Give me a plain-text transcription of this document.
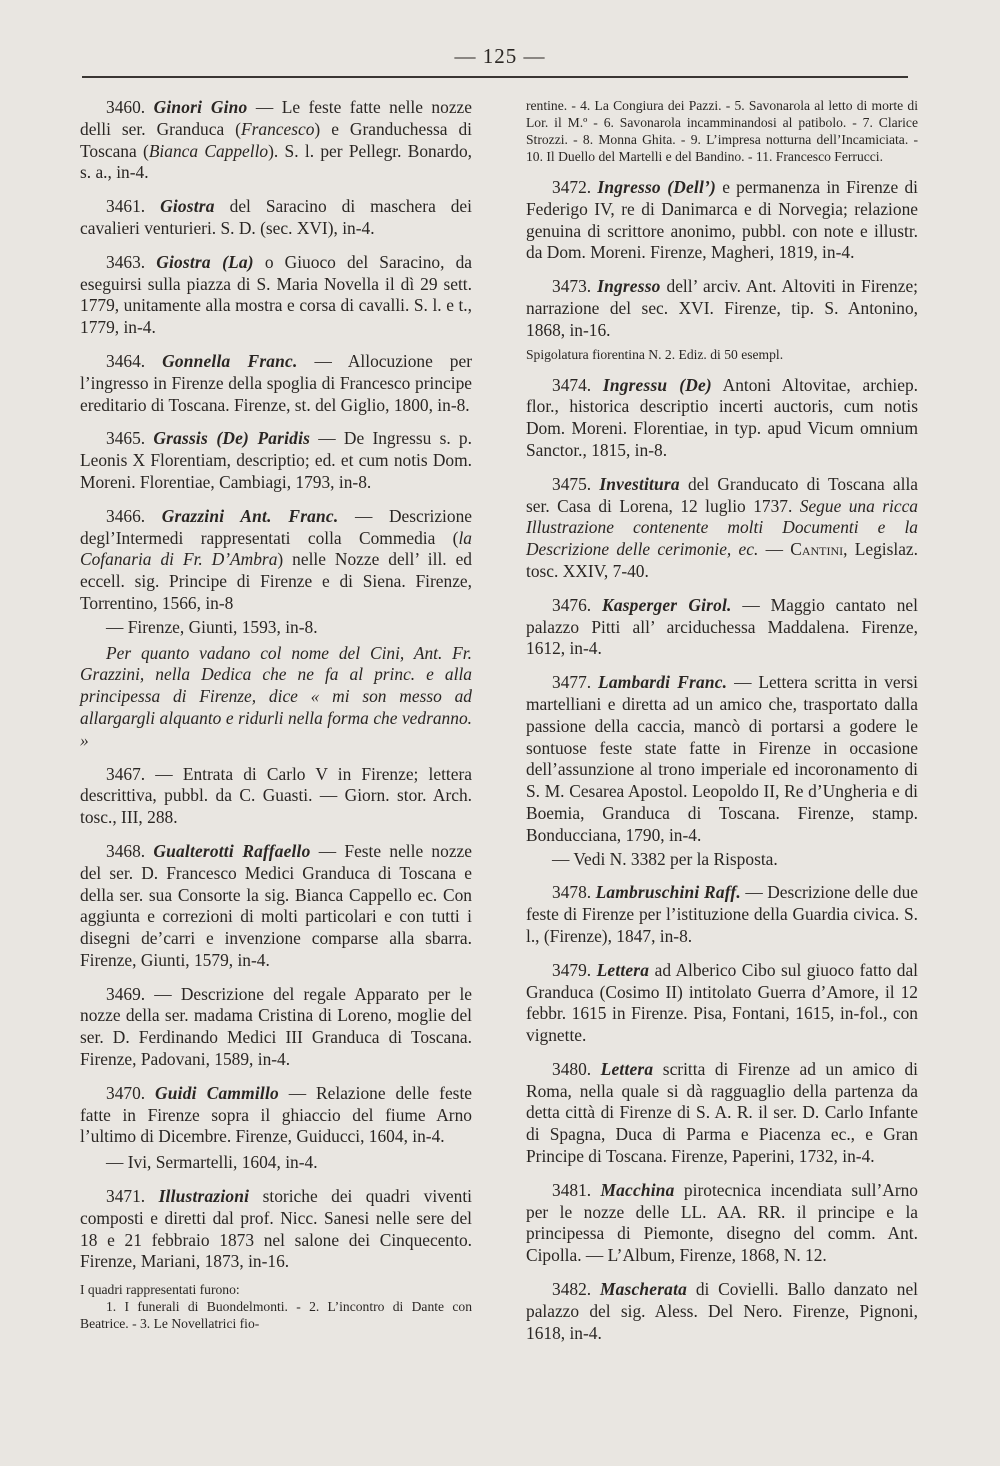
— 125 —

3460. Ginori Gino — Le feste fatte nelle nozze delli ser. Granduca (Francesco) e Granduchessa di Toscana (Bianca Cappello). S. l. per Pellegr. Bonardo, s. a., in-4.

3461. Giostra del Saracino di maschera dei cavalieri venturieri. S. D. (sec. XVI), in-4.

3463. Giostra (La) o Giuoco del Saracino, da eseguirsi sulla piazza di S. Maria Novella il dì 29 sett. 1779, unitamente alla mostra e corsa di cavalli. S. l. e t., 1779, in-4.

3464. Gonnella Franc. — Allocuzione per l’ingresso in Firenze della spoglia di Francesco principe ereditario di Toscana. Firenze, st. del Giglio, 1800, in-8.

3465. Grassis (De) Paridis — De Ingressu s. p. Leonis X Florentiam, descriptio; ed. et cum notis Dom. Moreni. Florentiae, Cambiagi, 1793, in-8.

3466. Grazzini Ant. Franc. — Descrizione degl’Intermedi rappresentati colla Commedia (la Cofanaria di Fr. D’Ambra) nelle Nozze dell’ ill. ed eccell. sig. Principe di Firenze e di Siena. Firenze, Torrentino, 1566, in-8

— Firenze, Giunti, 1593, in-8.

Per quanto vadano col nome del Cini, Ant. Fr. Grazzini, nella Dedica che ne fa al princ. e alla principessa di Firenze, dice « mi son messo ad allargargli alquanto e ridurli nella forma che vedranno. »

3467. — Entrata di Carlo V in Firenze; lettera descrittiva, pubbl. da C. Guasti. — Giorn. stor. Arch. tosc., III, 288.

3468. Gualterotti Raffaello — Feste nelle nozze del ser. D. Francesco Medici Granduca di Toscana e della ser. sua Consorte la sig. Bianca Cappello ec. Con aggiunta e correzioni di molti particolari e con tutti i disegni de’carri e invenzione comparse alla sbarra. Firenze, Giunti, 1579, in-4.

3469. — Descrizione del regale Apparato per le nozze della ser. madama Cristina di Loreno, moglie del ser. D. Ferdinando Medici III Granduca di Toscana. Firenze, Padovani, 1589, in-4.

3470. Guidi Cammillo — Relazione delle feste fatte in Firenze sopra il ghiaccio del fiume Arno l’ultimo di Dicembre. Firenze, Guiducci, 1604, in-4.

— Ivi, Sermartelli, 1604, in-4.

3471. Illustrazioni storiche dei quadri viventi composti e diretti dal prof. Nicc. Sanesi nelle sere del 18 e 21 febbraio 1873 nel salone dei Cinquecento. Firenze, Mariani, 1873, in-16.

I quadri rappresentati furono:

1. I funerali di Buondelmonti. - 2. L’incontro di Dante con Beatrice. - 3. Le Novellatrici fio-

rentine. - 4. La Congiura dei Pazzi. - 5. Savonarola al letto di morte di Lor. il M.º - 6. Savonarola incamminandosi al patibolo. - 7. Clarice Strozzi. - 8. Monna Ghita. - 9. L’impresa notturna dell’Incamiciata. - 10. Il Duello del Martelli e del Bandino. - 11. Francesco Ferrucci.

3472. Ingresso (Dell’) e permanenza in Firenze di Federigo IV, re di Danimarca e di Norvegia; relazione genuina di scrittore anonimo, pubbl. con note e illustr. da Dom. Moreni. Firenze, Magheri, 1819, in-4.

3473. Ingresso dell’ arciv. Ant. Altoviti in Firenze; narrazione del sec. XVI. Firenze, tip. S. Antonino, 1868, in-16.

Spigolatura fiorentina N. 2. Ediz. di 50 esempl.

3474. Ingressu (De) Antoni Altovitae, archiep. flor., historica descriptio incerti auctoris, cum notis Dom. Moreni. Florentiae, in typ. apud Vicum omnium Sanctor., 1815, in-8.

3475. Investitura del Granducato di Toscana alla ser. Casa di Lorena, 12 luglio 1737. Segue una ricca Illustrazione contenente molti Documenti e la Descrizione delle cerimonie, ec. — Cantini, Legislaz. tosc. XXIV, 7-40.

3476. Kasperger Girol. — Maggio cantato nel palazzo Pitti all’ arciduchessa Maddalena. Firenze, 1612, in-4.

3477. Lambardi Franc. — Lettera scritta in versi martelliani e diretta ad un amico che, trasportato dalla passione della caccia, mancò di portarsi a godere le sontuose feste state fatte in Firenze in occasione dell’assunzione al trono imperiale ed incoronamento di S. M. Cesarea Apostol. Leopoldo II, Re d’Ungheria e di Boemia, Granduca di Toscana. Firenze, stamp. Bonducciana, 1790, in-4.

— Vedi N. 3382 per la Risposta.

3478. Lambruschini Raff. — Descrizione delle due feste di Firenze per l’istituzione della Guardia civica. S. l., (Firenze), 1847, in-8.

3479. Lettera ad Alberico Cibo sul giuoco fatto dal Granduca (Cosimo II) intitolato Guerra d’Amore, il 12 febbr. 1615 in Firenze. Pisa, Fontani, 1615, in-fol., con vignette.

3480. Lettera scritta di Firenze ad un amico di Roma, nella quale si dà ragguaglio della partenza da detta città di Firenze di S. A. R. il ser. D. Carlo Infante di Spagna, Duca di Parma e Piacenza ec., e Gran Principe di Toscana. Firenze, Paperini, 1732, in-4.

3481. Macchina pirotecnica incendiata sull’Arno per le nozze delle LL. AA. RR. il principe e la principessa di Piemonte, disegno del comm. Ant. Cipolla. — L’Album, Firenze, 1868, N. 12.

3482. Mascherata di Covielli. Ballo danzato nel palazzo del sig. Aless. Del Nero. Firenze, Pignoni, 1618, in-4.
